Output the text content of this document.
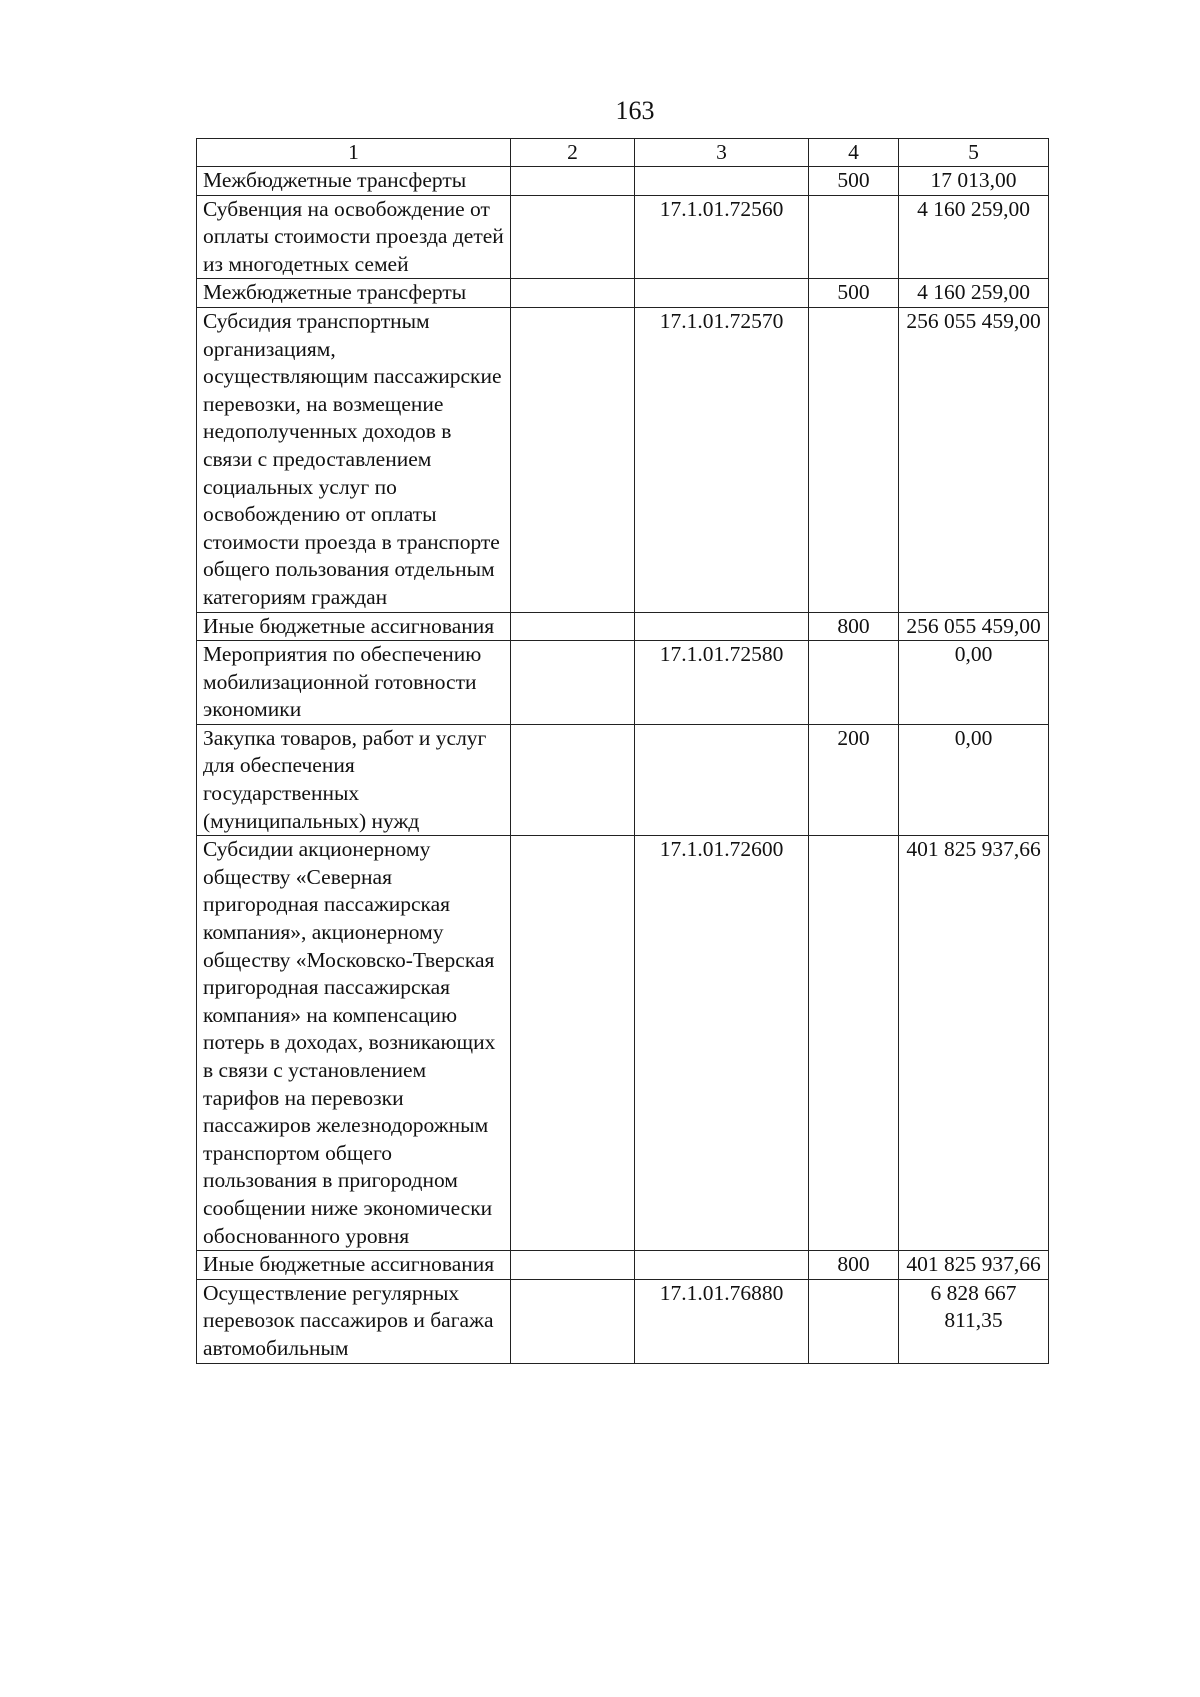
163
1	2	3	4	5
Межбюджетные трансферты			500	17 013,00
Субвенция на освобождение от оплаты стоимости проезда детей из многодетных семей		17.1.01.72560		4 160 259,00
Межбюджетные трансферты			500	4 160 259,00
Субсидия транспортным организациям, осуществляющим пассажирские перевозки, на возмещение недополученных доходов в связи с предоставлением социальных услуг по освобождению от оплаты стоимости проезда в транспорте общего пользования отдельным категориям граждан		17.1.01.72570		256 055 459,00
Иные бюджетные ассигнования			800	256 055 459,00
Мероприятия по обеспечению мобилизационной готовности экономики		17.1.01.72580		0,00
Закупка товаров, работ и услуг для обеспечения государственных (муниципальных) нужд			200	0,00
Субсидии акционерному обществу «Северная пригородная пассажирская компания», акционерному обществу «Московско-Тверская пригородная пассажирская компания» на компенсацию потерь в доходах, возникающих в связи с установлением тарифов на перевозки пассажиров железнодорожным транспортом общего пользования в пригородном сообщении ниже экономически обоснованного уровня		17.1.01.72600		401 825 937,66
Иные бюджетные ассигнования			800	401 825 937,66
Осуществление регулярных перевозок пассажиров и багажа автомобильным		17.1.01.76880		6 828 667 811,35
